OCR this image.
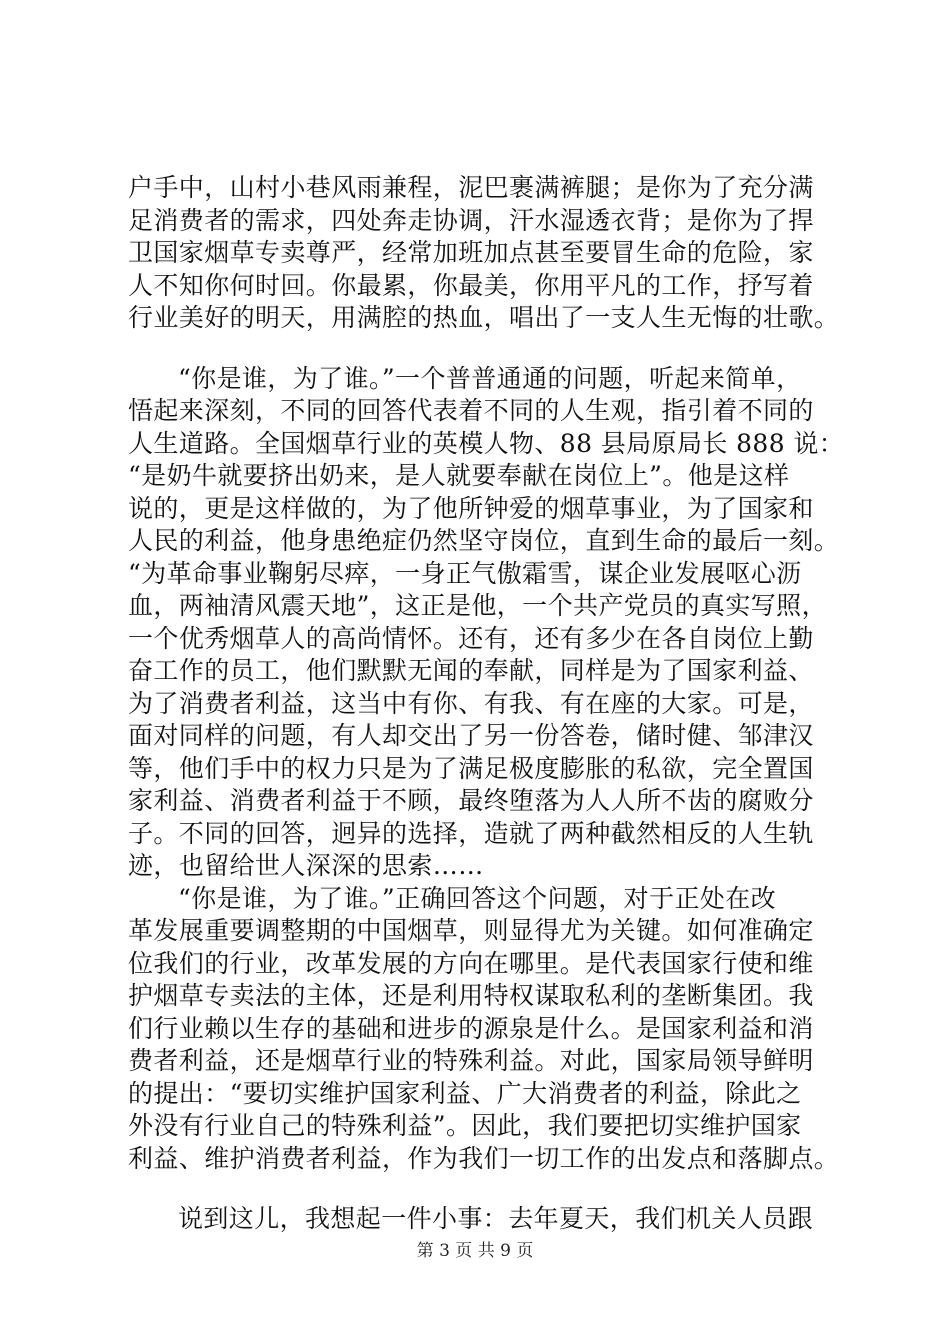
户手中，山村小巷风雨兼程，泥巴裹满裤腿；是你为了充分满
足消费者的需求，四处奔走协调，汗水湿透衣背；是你为了捍
卫国家烟草专卖尊严，经常加班加点甚至要冒生命的危险，家
人不知你何时回。你最累，你最美，你用平凡的工作，抒写着
行业美好的明天，用满腔的热血，唱出了一支人生无悔的壮歌。
“你是谁，为了谁。”一个普普通通的问题，听起来简单，
悟起来深刻，不同的回答代表着不同的人生观，指引着不同的
人生道路。全国烟草行业的英模人物、88 县局原局长 888 说：
“是奶牛就要挤出奶来，是人就要奉献在岗位上”。他是这样
说的，更是这样做的，为了他所钟爱的烟草事业，为了国家和
人民的利益，他身患绝症仍然坚守岗位，直到生命的最后一刻。
“为革命事业鞠躬尽瘁，一身正气傲霜雪，谋企业发展呕心沥
血，两袖清风震天地”，这正是他，一个共产党员的真实写照，
一个优秀烟草人的高尚情怀。还有，还有多少在各自岗位上勤
奋工作的员工，他们默默无闻的奉献，同样是为了国家利益、
为了消费者利益，这当中有你、有我、有在座的大家。可是，
面对同样的问题，有人却交出了另一份答卷，储时健、邹津汉
等，他们手中的权力只是为了满足极度膨胀的私欲，完全置国
家利益、消费者利益于不顾，最终堕落为人人所不齿的腐败分
子。不同的回答，迥异的选择，造就了两种截然相反的人生轨
迹，也留给世人深深的思索……
“你是谁，为了谁。”正确回答这个问题，对于正处在改
革发展重要调整期的中国烟草，则显得尤为关键。如何准确定
位我们的行业，改革发展的方向在哪里。是代表国家行使和维
护烟草专卖法的主体，还是利用特权谋取私利的垄断集团。我
们行业赖以生存的基础和进步的源泉是什么。是国家利益和消
费者利益，还是烟草行业的特殊利益。对此，国家局领导鲜明
的提出：“要切实维护国家利益、广大消费者的利益，除此之
外没有行业自己的特殊利益”。因此，我们要把切实维护国家
利益、维护消费者利益，作为我们一切工作的出发点和落脚点。
说到这儿，我想起一件小事：去年夏天，我们机关人员跟
第 3 页 共 9 页
